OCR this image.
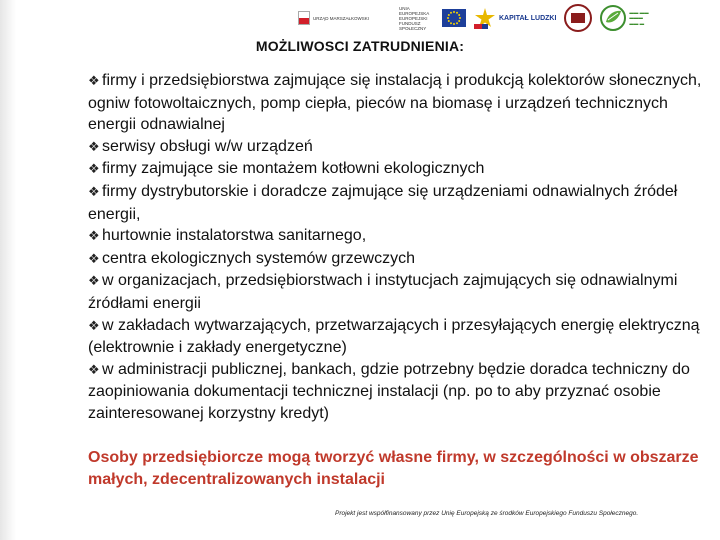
URZĄD MARSZAŁKOWSKI
UNIA EUROPEJSKA EUROPEJSKI FUNDUSZ SPOŁECZNY
KAPITAŁ LUDZKI
▬▬ ▬▬
▬▬▬
▬▬ ▬
MOŻLIWOSCI ZATRUDNIENIA:

❖ firmy i przedsiębiorstwa zajmujące się instalacją i produkcją kolektorów słonecznych, ogniw fotowoltaicznych, pomp ciepła, pieców na biomasę i urządzeń technicznych energii odnawialnej

❖ serwisy obsługi w/w urządzeń

❖ firmy zajmujące sie montażem kotłowni ekologicznych

❖ firmy dystrybutorskie i doradcze zajmujące się urządzeniami odnawialnych źródeł energii,

❖ hurtownie instalatorstwa sanitarnego,

❖ centra ekologicznych systemów grzewczych

❖ w organizacjach, przedsiębiorstwach i instytucjach zajmujących się odnawialnymi źródłami energii

❖ w zakładach wytwarzających, przetwarzających i przesyłających energię elektryczną (elektrownie i zakłady energetyczne)

❖ w administracji publicznej, bankach, gdzie potrzebny będzie doradca techniczny do zaopiniowania dokumentacji technicznej instalacji (np. po to aby przyznać osobie zainteresowanej korzystny kredyt)

Osoby przedsiębiorcze mogą tworzyć własne firmy, w szczególności w obszarze małych, zdecentralizowanych instalacji
Projekt jest współfinansowany przez Unię Europejską ze środków Europejskiego Funduszu Społecznego.
